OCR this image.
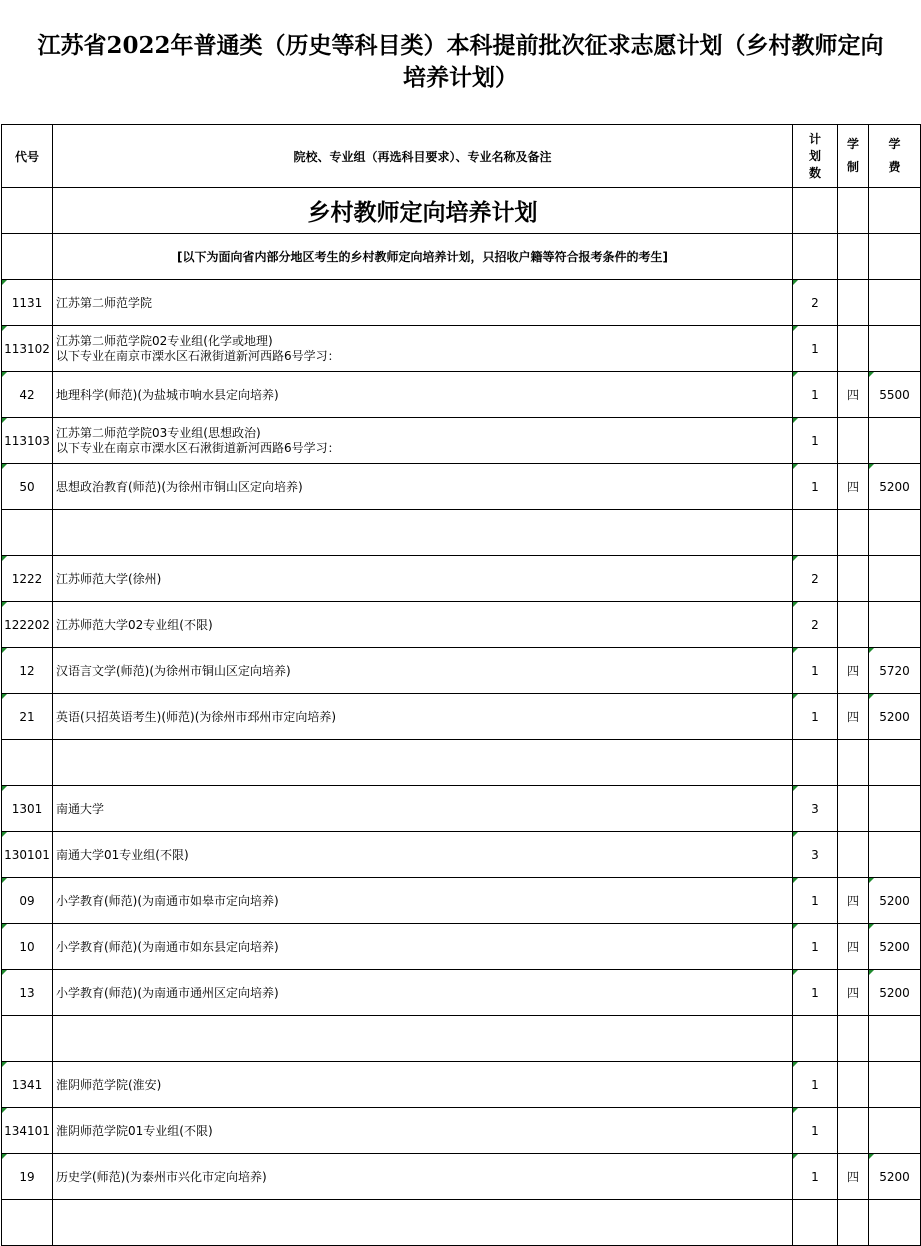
江苏省2022年普通类（历史等科目类）本科提前批次征求志愿计划（乡村教师定向
培养计划）
代号	院校、专业组（再选科目要求）、专业名称及备注	计划数	学制	学费

	乡村教师定向培养计划			
	[以下为面向省内部分地区考生的乡村教师定向培养计划，只招收户籍等符合报考条件的考生]			
1131	江苏第二师范学院	2		
113102	江苏第二师范学院02专业组(化学或地理)
以下专业在南京市溧水区石湫街道新河西路6号学习：	1		
42	地理科学(师范)(为盐城市响水县定向培养)	1	四	5500
113103	江苏第二师范学院03专业组(思想政治)
以下专业在南京市溧水区石湫街道新河西路6号学习：	1		
50	思想政治教育(师范)(为徐州市铜山区定向培养)	1	四	5200

1222	江苏师范大学(徐州)	2		
122202	江苏师范大学02专业组(不限)	2		
12	汉语言文学(师范)(为徐州市铜山区定向培养)	1	四	5720
21	英语(只招英语考生)(师范)(为徐州市邳州市定向培养)	1	四	5200

1301	南通大学	3		
130101	南通大学01专业组(不限)	3		
09	小学教育(师范)(为南通市如皋市定向培养)	1	四	5200
10	小学教育(师范)(为南通市如东县定向培养)	1	四	5200
13	小学教育(师范)(为南通市通州区定向培养)	1	四	5200

1341	淮阴师范学院(淮安)	1		
134101	淮阴师范学院01专业组(不限)	1		
19	历史学(师范)(为泰州市兴化市定向培养)	1	四	5200
